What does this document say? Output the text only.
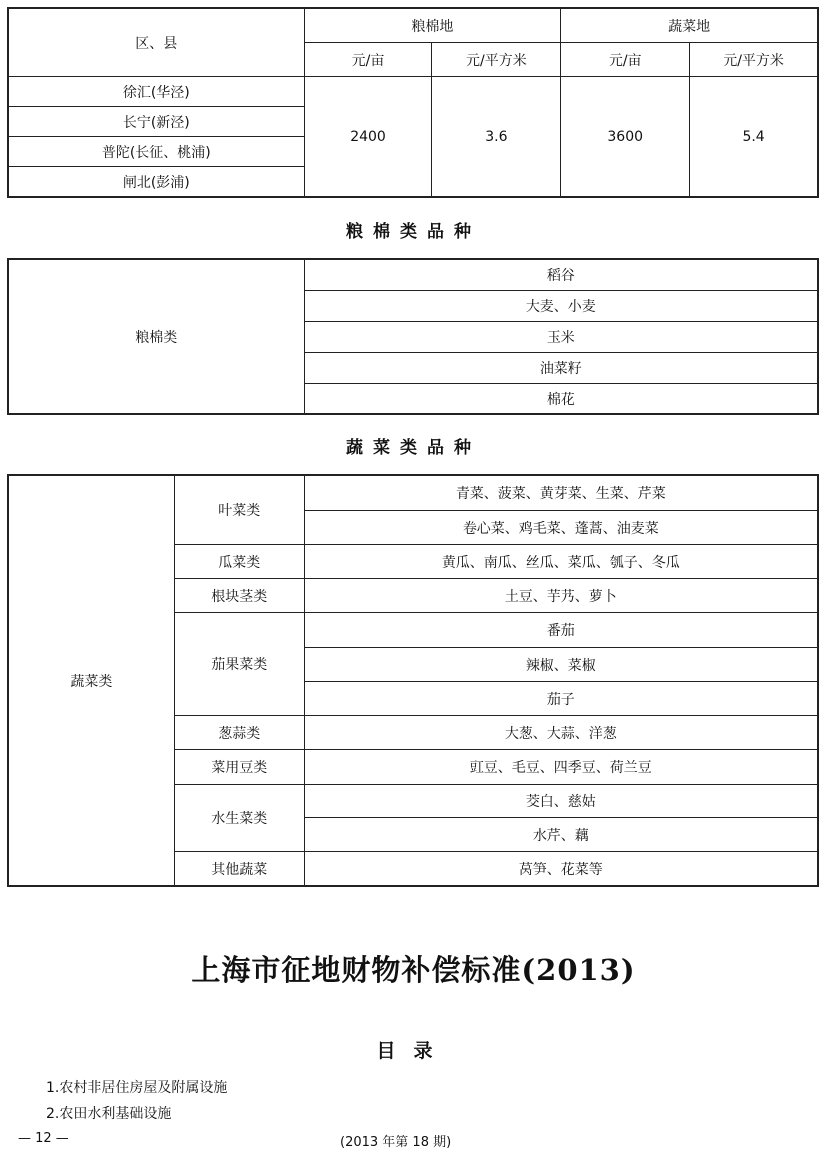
区、县	粮棉地		蔬菜地	
	元/亩	元/平方米	元/亩	元/平方米
徐汇(华泾)	2400	3.6	3600	5.4
长宁(新泾)				
普陀(长征、桃浦)				
闸北(彭浦)				
粮棉类品种
粮棉类	稻谷
大麦、小麦
玉米
油菜籽
棉花
蔬菜类品种
蔬菜类	叶菜类	青菜、菠菜、黄芽菜、生菜、芹菜
		卷心菜、鸡毛菜、蓬蒿、油麦菜
	瓜菜类	黄瓜、南瓜、丝瓜、菜瓜、瓠子、冬瓜
	根块茎类	土豆、芋艿、萝卜
	茄果菜类	番茄
		辣椒、菜椒
		茄子
	葱蒜类	大葱、大蒜、洋葱
	菜用豆类	豇豆、毛豆、四季豆、荷兰豆
	水生菜类	茭白、慈姑
		水芹、藕
	其他蔬菜	莴笋、花菜等
上海市征地财物补偿标准(2013)
目录
1.农村非居住房屋及附属设施
2.农田水利基础设施
— 12 —	(2013 年第 18 期)
